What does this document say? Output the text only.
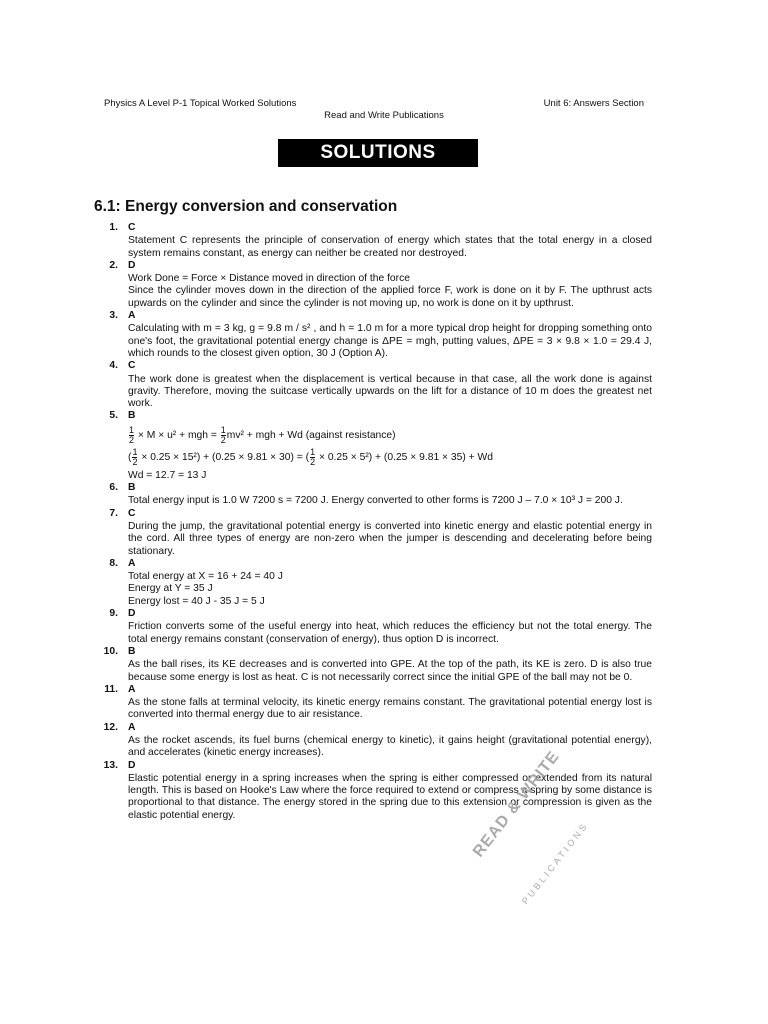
Physics A Level P-1 Topical Worked Solutions	Unit 6: Answers Section
Read and Write Publications
SOLUTIONS
6.1: Energy conversion and conservation
1. C
Statement C represents the principle of conservation of energy which states that the total energy in a closed system remains constant, as energy can neither be created nor destroyed.
2. D
Work Done = Force × Distance moved in direction of the force
Since the cylinder moves down in the direction of the applied force F, work is done on it by F. The upthrust acts upwards on the cylinder and since the cylinder is not moving up, no work is done on it by upthrust.
3. A
Calculating with m = 3 kg, g = 9.8 m / s² , and h = 1.0 m for a more typical drop height for dropping something onto one's foot, the gravitational potential energy change is ΔPE = mgh, putting values, ΔPE = 3 × 9.8 × 1.0 = 29.4 J, which rounds to the closest given option, 30 J (Option A).
4. C
The work done is greatest when the displacement is vertical because in that case, all the work done is against gravity. Therefore, moving the suitcase vertically upwards on the lift for a distance of 10 m does the greatest net work.
5. B
$\frac{1}{2} \times M \times u^2$ + mgh = $\frac{1}{2} mv^2$ + mgh + Wd (against resistance)
( $\frac{1}{2} \times 0.25 \times 15^2) + (0.25 \times 9.81 \times 30)$ = ( $\frac{1}{2} \times 0.25 \times 5^2) + (0.25 \times 9.81 \times 35) + Wd$
Wd = 12.7 = 13 J
6. B
Total energy input is 1.0 W 7200 s = 7200 J. Energy converted to other forms is 7200 J – 7.0 × 10³ J = 200 J.
7. C
During the jump, the gravitational potential energy is converted into kinetic energy and elastic potential energy in the cord. All three types of energy are non-zero when the jumper is descending and decelerating before being stationary.
8. A
Total energy at X = 16 + 24 = 40 J
Energy at Y = 35 J
Energy lost = 40 J - 35 J = 5 J
9. D
Friction converts some of the useful energy into heat, which reduces the efficiency but not the total energy. The total energy remains constant (conservation of energy), thus option D is incorrect.
10. B
As the ball rises, its KE decreases and is converted into GPE. At the top of the path, its KE is zero. D is also true because some energy is lost as heat. C is not necessarily correct since the initial GPE of the ball may not be 0.
11. A
As the stone falls at terminal velocity, its kinetic energy remains constant. The gravitational potential energy lost is converted into thermal energy due to air resistance.
12. A
As the rocket ascends, its fuel burns (chemical energy to kinetic), it gains height (gravitational potential energy), and accelerates (kinetic energy increases).
13. D
Elastic potential energy in a spring increases when the spring is either compressed or extended from its natural length. This is based on Hooke's Law where the force required to extend or compress a spring by some distance is proportional to that distance. The energy stored in the spring due to this extension or compression is given as the elastic potential energy.	READ & WRITE
PUBLICATIONS
